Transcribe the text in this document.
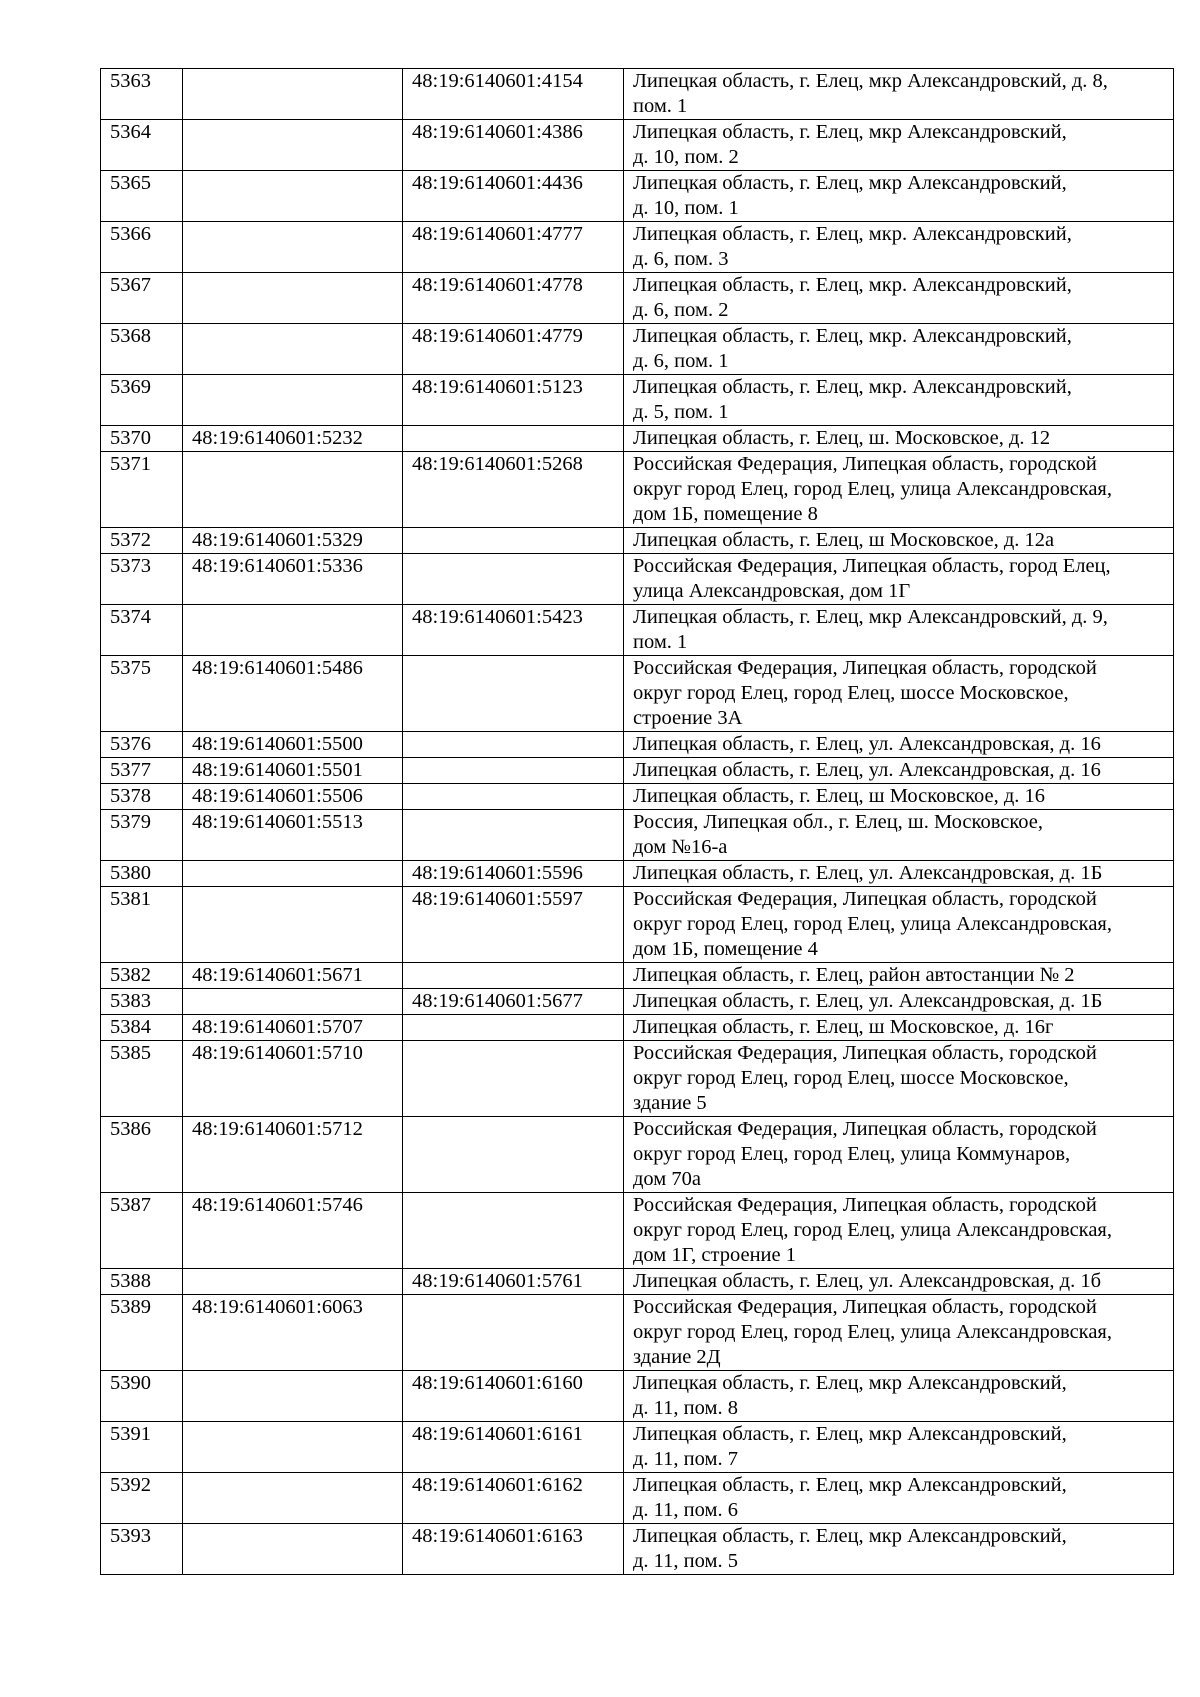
5363		48:19:6140601:4154	Липецкая область, г. Елец, мкр Александровский, д. 8,
пом. 1
5364		48:19:6140601:4386	Липецкая область, г. Елец, мкр Александровский,
д. 10, пом. 2
5365		48:19:6140601:4436	Липецкая область, г. Елец, мкр Александровский,
д. 10, пом. 1
5366		48:19:6140601:4777	Липецкая область, г. Елец, мкр. Александровский,
д. 6, пом. 3
5367		48:19:6140601:4778	Липецкая область, г. Елец, мкр. Александровский,
д. 6, пом. 2
5368		48:19:6140601:4779	Липецкая область, г. Елец, мкр. Александровский,
д. 6, пом. 1
5369		48:19:6140601:5123	Липецкая область, г. Елец, мкр. Александровский,
д. 5, пом. 1
5370	48:19:6140601:5232		Липецкая область, г. Елец, ш. Московское, д. 12
5371		48:19:6140601:5268	Российская Федерация, Липецкая область, городской
округ город Елец, город Елец, улица Александровская,
дом 1Б, помещение 8
5372	48:19:6140601:5329		Липецкая область, г. Елец, ш Московское, д. 12а
5373	48:19:6140601:5336		Российская Федерация, Липецкая область, город Елец,
улица Александровская, дом 1Г
5374		48:19:6140601:5423	Липецкая область, г. Елец, мкр Александровский, д. 9,
пом. 1
5375	48:19:6140601:5486		Российская Федерация, Липецкая область, городской
округ город Елец, город Елец, шоссе Московское,
строение 3А
5376	48:19:6140601:5500		Липецкая область, г. Елец, ул. Александровская, д. 16
5377	48:19:6140601:5501		Липецкая область, г. Елец, ул. Александровская, д. 16
5378	48:19:6140601:5506		Липецкая область, г. Елец, ш Московское, д. 16
5379	48:19:6140601:5513		Россия, Липецкая обл., г. Елец, ш. Московское,
дом №16-а
5380		48:19:6140601:5596	Липецкая область, г. Елец, ул. Александровская, д. 1Б
5381		48:19:6140601:5597	Российская Федерация, Липецкая область, городской
округ город Елец, город Елец, улица Александровская,
дом 1Б, помещение 4
5382	48:19:6140601:5671		Липецкая область, г. Елец, район автостанции № 2
5383		48:19:6140601:5677	Липецкая область, г. Елец, ул. Александровская, д. 1Б
5384	48:19:6140601:5707		Липецкая область, г. Елец, ш Московское, д. 16г
5385	48:19:6140601:5710		Российская Федерация, Липецкая область, городской
округ город Елец, город Елец, шоссе Московское,
здание 5
5386	48:19:6140601:5712		Российская Федерация, Липецкая область, городской
округ город Елец, город Елец, улица Коммунаров,
дом 70а
5387	48:19:6140601:5746		Российская Федерация, Липецкая область, городской
округ город Елец, город Елец, улица Александровская,
дом 1Г, строение 1
5388		48:19:6140601:5761	Липецкая область, г. Елец, ул. Александровская, д. 1б
5389	48:19:6140601:6063		Российская Федерация, Липецкая область, городской
округ город Елец, город Елец, улица Александровская,
здание 2Д
5390		48:19:6140601:6160	Липецкая область, г. Елец, мкр Александровский,
д. 11, пом. 8
5391		48:19:6140601:6161	Липецкая область, г. Елец, мкр Александровский,
д. 11, пом. 7
5392		48:19:6140601:6162	Липецкая область, г. Елец, мкр Александровский,
д. 11, пом. 6
5393		48:19:6140601:6163	Липецкая область, г. Елец, мкр Александровский,
д. 11, пом. 5
